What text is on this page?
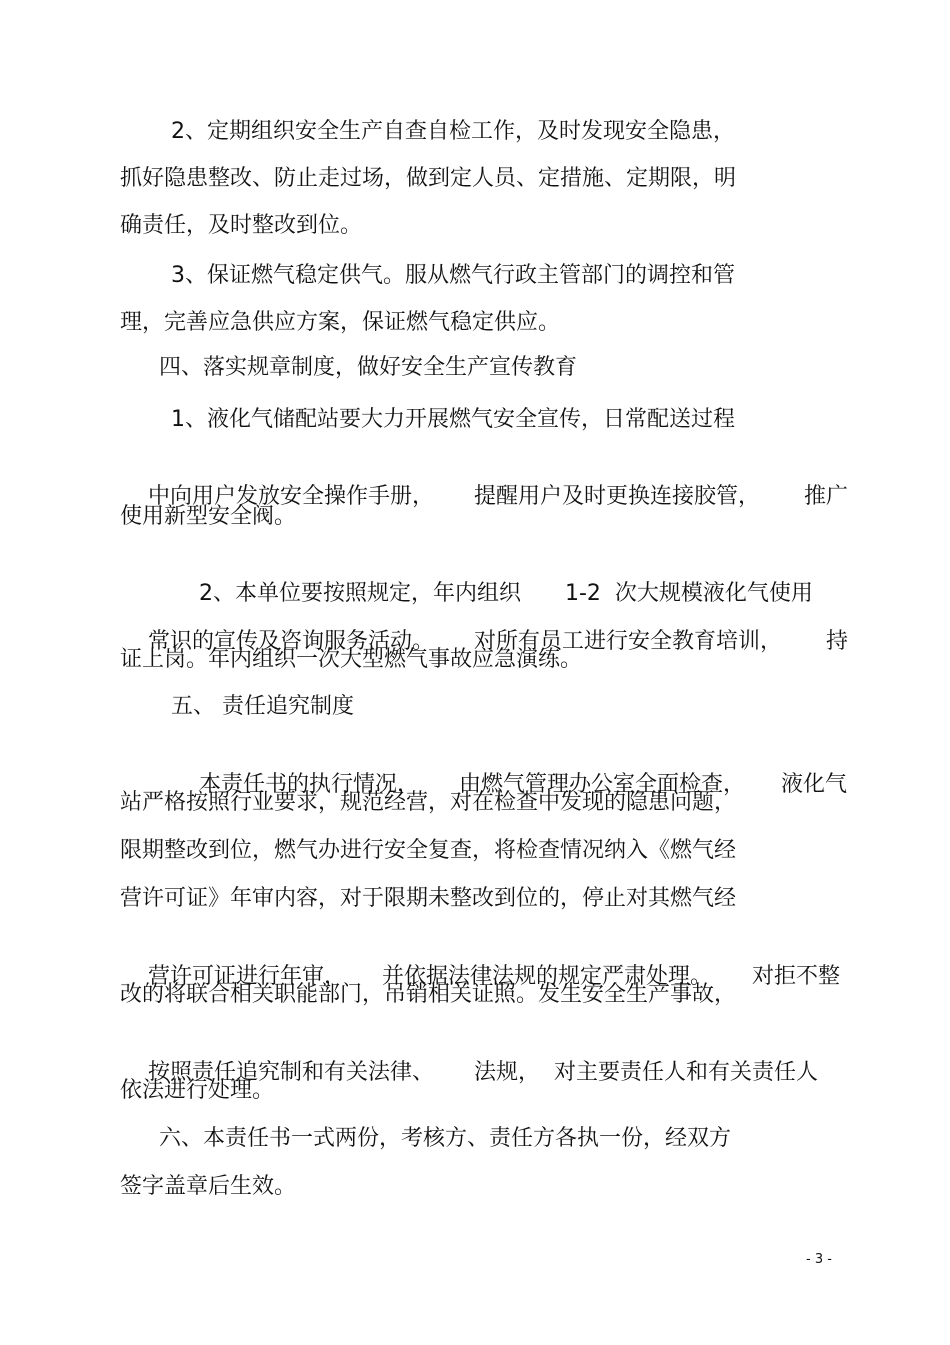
2、定期组织安全生产自查自检工作，及时发现安全隐患，
抓好隐患整改、防止走过场，做到定人员、定措施、定期限，明
确责任，及时整改到位。
3、保证燃气稳定供气。服从燃气行政主管部门的调控和管
理，完善应急供应方案，保证燃气稳定供应。
四、落实规章制度，做好安全生产宣传教育
1、液化气储配站要大力开展燃气安全宣传，日常配送过程

中向用户发放安全操作手册， 提醒用户及时更换连接胶管， 推广

使用新型安全阀。

2、本单位要按照规定，年内组织 1-2 次大规模液化气使用

常识的宣传及咨询服务活动。 对所有员工进行安全教育培训， 持

证上岗。年内组织一次大型燃气事故应急演练。
五、 责任追究制度

本责任书的执行情况， 由燃气管理办公室全面检查， 液化气

站严格按照行业要求，规范经营，对在检查中发现的隐患问题，
限期整改到位，燃气办进行安全复查，将检查情况纳入《燃气经
营许可证》年审内容，对于限期未整改到位的，停止对其燃气经

营许可证进行年审， 并依据法律法规的规定严肃处理。 对拒不整

改的将联合相关职能部门，吊销相关证照。发生安全生产事故，

按照责任追究制和有关法律、 法规， 对主要责任人和有关责任人

依法进行处理。
六、本责任书一式两份，考核方、责任方各执一份，经双方
签字盖章后生效。
- 3 -
